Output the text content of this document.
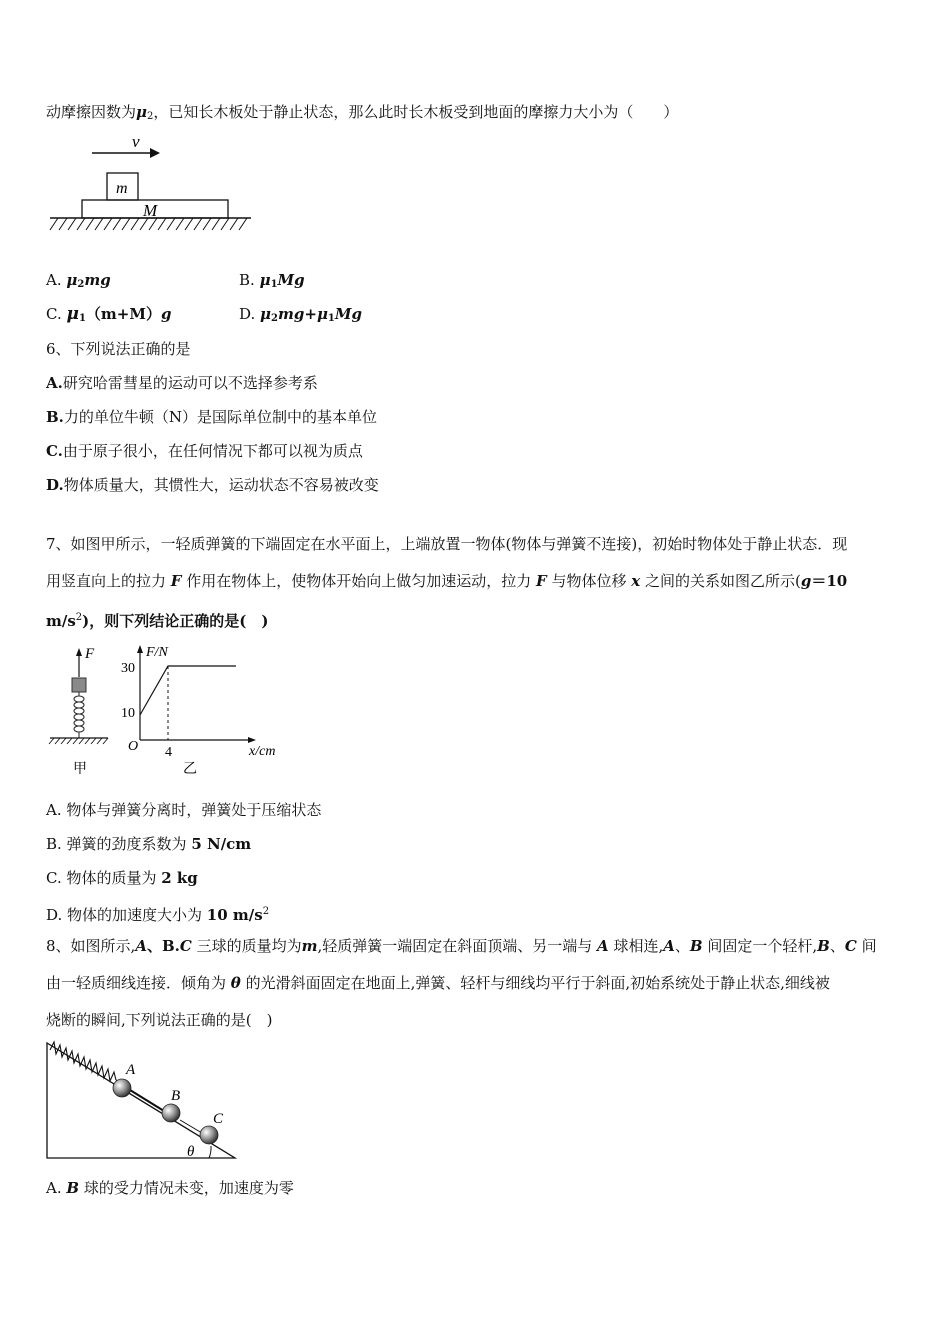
动摩擦因数为$\mu_2$，已知长木板处于静止状态，那么此时长木板受到地面的摩擦力大小为（　　）
v
m
M
A. $\mu_2mg$	B. $\mu_1Mg$
C. $\mu_1(m+M)g$	D. $\mu_2mg+\mu_1Mg$
6、下列说法正确的是
A.研究哈雷彗星的运动可以不选择参考系
B.力的单位牛顿（N）是国际单位制中的基本单位
C.由于原子很小，在任何情况下都可以视为质点
D.物体质量大，其惯性大，运动状态不容易被改变
7、如图甲所示，一轻质弹簧的下端固定在水平面上，上端放置一物体(物体与弹簧不连接)，初始时物体处于静止状态．现
用竖直向上的拉力 F 作用在物体上，使物体开始向上做匀加速运动，拉力 F 与物体位移 x 之间的关系如图乙所示(g＝10
$m/s^2$)，则下列结论正确的是(　)
F
甲
F/N
30
10
O 4	x/cm
乙
A. 物体与弹簧分离时，弹簧处于压缩状态
B. 弹簧的劲度系数为 5 N/cm
C. 物体的质量为 2 kg
D. 物体的加速度大小为 10 $m/s^2$
8、如图所示,A、B.C 三球的质量均为m,轻质弹簧一端固定在斜面顶端、另一端与 A 球相连,A、B 间固定一个轻杆,B、C 间
由一轻质细线连接．倾角为 θ 的光滑斜面固定在地面上,弹簧、轻杆与细线均平行于斜面,初始系统处于静止状态,细线被
烧断的瞬间,下列说法正确的是(　)
A
B
C
θ
A. B 球的受力情况未变，加速度为零
